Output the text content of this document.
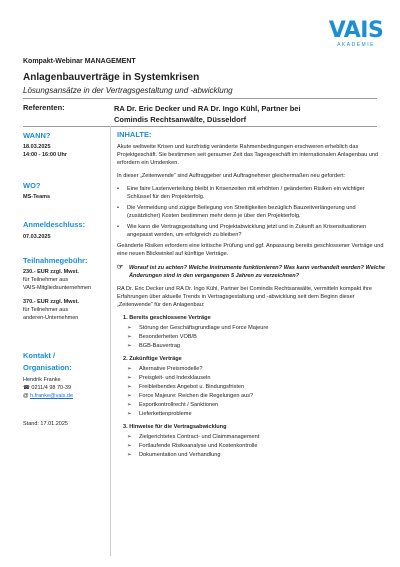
VAIS
AKADEMIE
Kompakt-Webinar MANAGEMENT
Anlagenbauverträge in Systemkrisen
Lösungsansätze in der Vertragsgestaltung und -abwicklung
Referenten:	RA Dr. Eric Decker und RA Dr. Ingo Kühl, Partner bei
Comindis Rechtsanwälte, Düsseldorf
WANN?
18.03.2025
14:00 - 16:00 Uhr
WO?
MS-Teams
Anmeldeschluss:
07.03.2025
Teilnahmegebühr:
230.- EUR zzgl. Mwst.
für Teilnehmer aus
VAIS-Mitgliedsunternehmen
370.- EUR zzgl. Mwst.
für Teilnehmer aus
anderen-Unternehmen
Kontakt /
Organisation:
Hendrik Franke
☎ 0211/4 98 70-39
@ h.franke@vais.de
Stand: 17.01.2025
INHALTE:
Akute weltweite Krisen und kurzfristig veränderte Rahmenbedingungen erschweren erheblich das Projektgeschäft. Sie bestimmen seit geraumer Zeit das Tagesgeschäft im internationalen Anlagenbau und erfordern ein Umdenken.
In dieser „Zeitenwende“ sind Auftraggeber und Auftragnehmer gleichermaßen neu gefordert:
• Eine faire Lastenverteilung bleibt in Krisenzeiten mit erhöhten / geänderten Risiken ein wichtiger Schlüssel für den Projekterfolg.
• Die Vermeidung und zügige Beilegung von Streitigkeiten bezüglich Bauzeitverlängerung und (zusätzlicher) Kosten bestimmen mehr denn je über den Projekterfolg.
• Wie kann die Vertragsgestaltung und Projektabwicklung jetzt und in Zukunft an Krisensituationen angepasst werden, um erfolgreich zu bleiben?
Geänderte Risiken erfordern eine kritische Prüfung und ggf. Anpassung bereits geschlossener Verträge und eine neuen Blickwinkel auf künftige Verträge.
☞ Worauf ist zu achten? Welche Instrumente funktionieren? Was kann verhandelt werden? Welche Änderungen sind in den vergangenen 5 Jahren zu verzeichnen?
RA Dr. Eric Decker und RA Dr. Ingo Kühl, Partner bei Comindis Rechtsanwälte, vermitteln kompakt ihre Erfahrungen über aktuelle Trends in Vertragsgestaltung und -abwicklung seit dem Beginn dieser „Zeitenwende“ für den Anlagenbau:
1. Bereits geschlossene Verträge
➢ Störung der Geschäftsgrundlage und Force Majeure
➢ Besonderheiten VOB/B
➢ BGB-Bauvertrag
2. Zukünftige Verträge
➢ Alternative Preismodelle?
➢ Preisgleit- und Indexklauseln
➢ Freibleibendes Angebot u. Bindungsfristen
➢ Force Majeure: Reichen die Regelungen aus?
➢ Exportkontrollrecht / Sanktionen
➢ Lieferkettenprobleme
3. Hinweise für die Vertragsabwicklung
➢ Zielgerichtetes Contract- und Claimmanagement
➢ Fortlaufende Risikoanalyse und Kostenkontrolle
➢ Dokumentation und Verhandlung
